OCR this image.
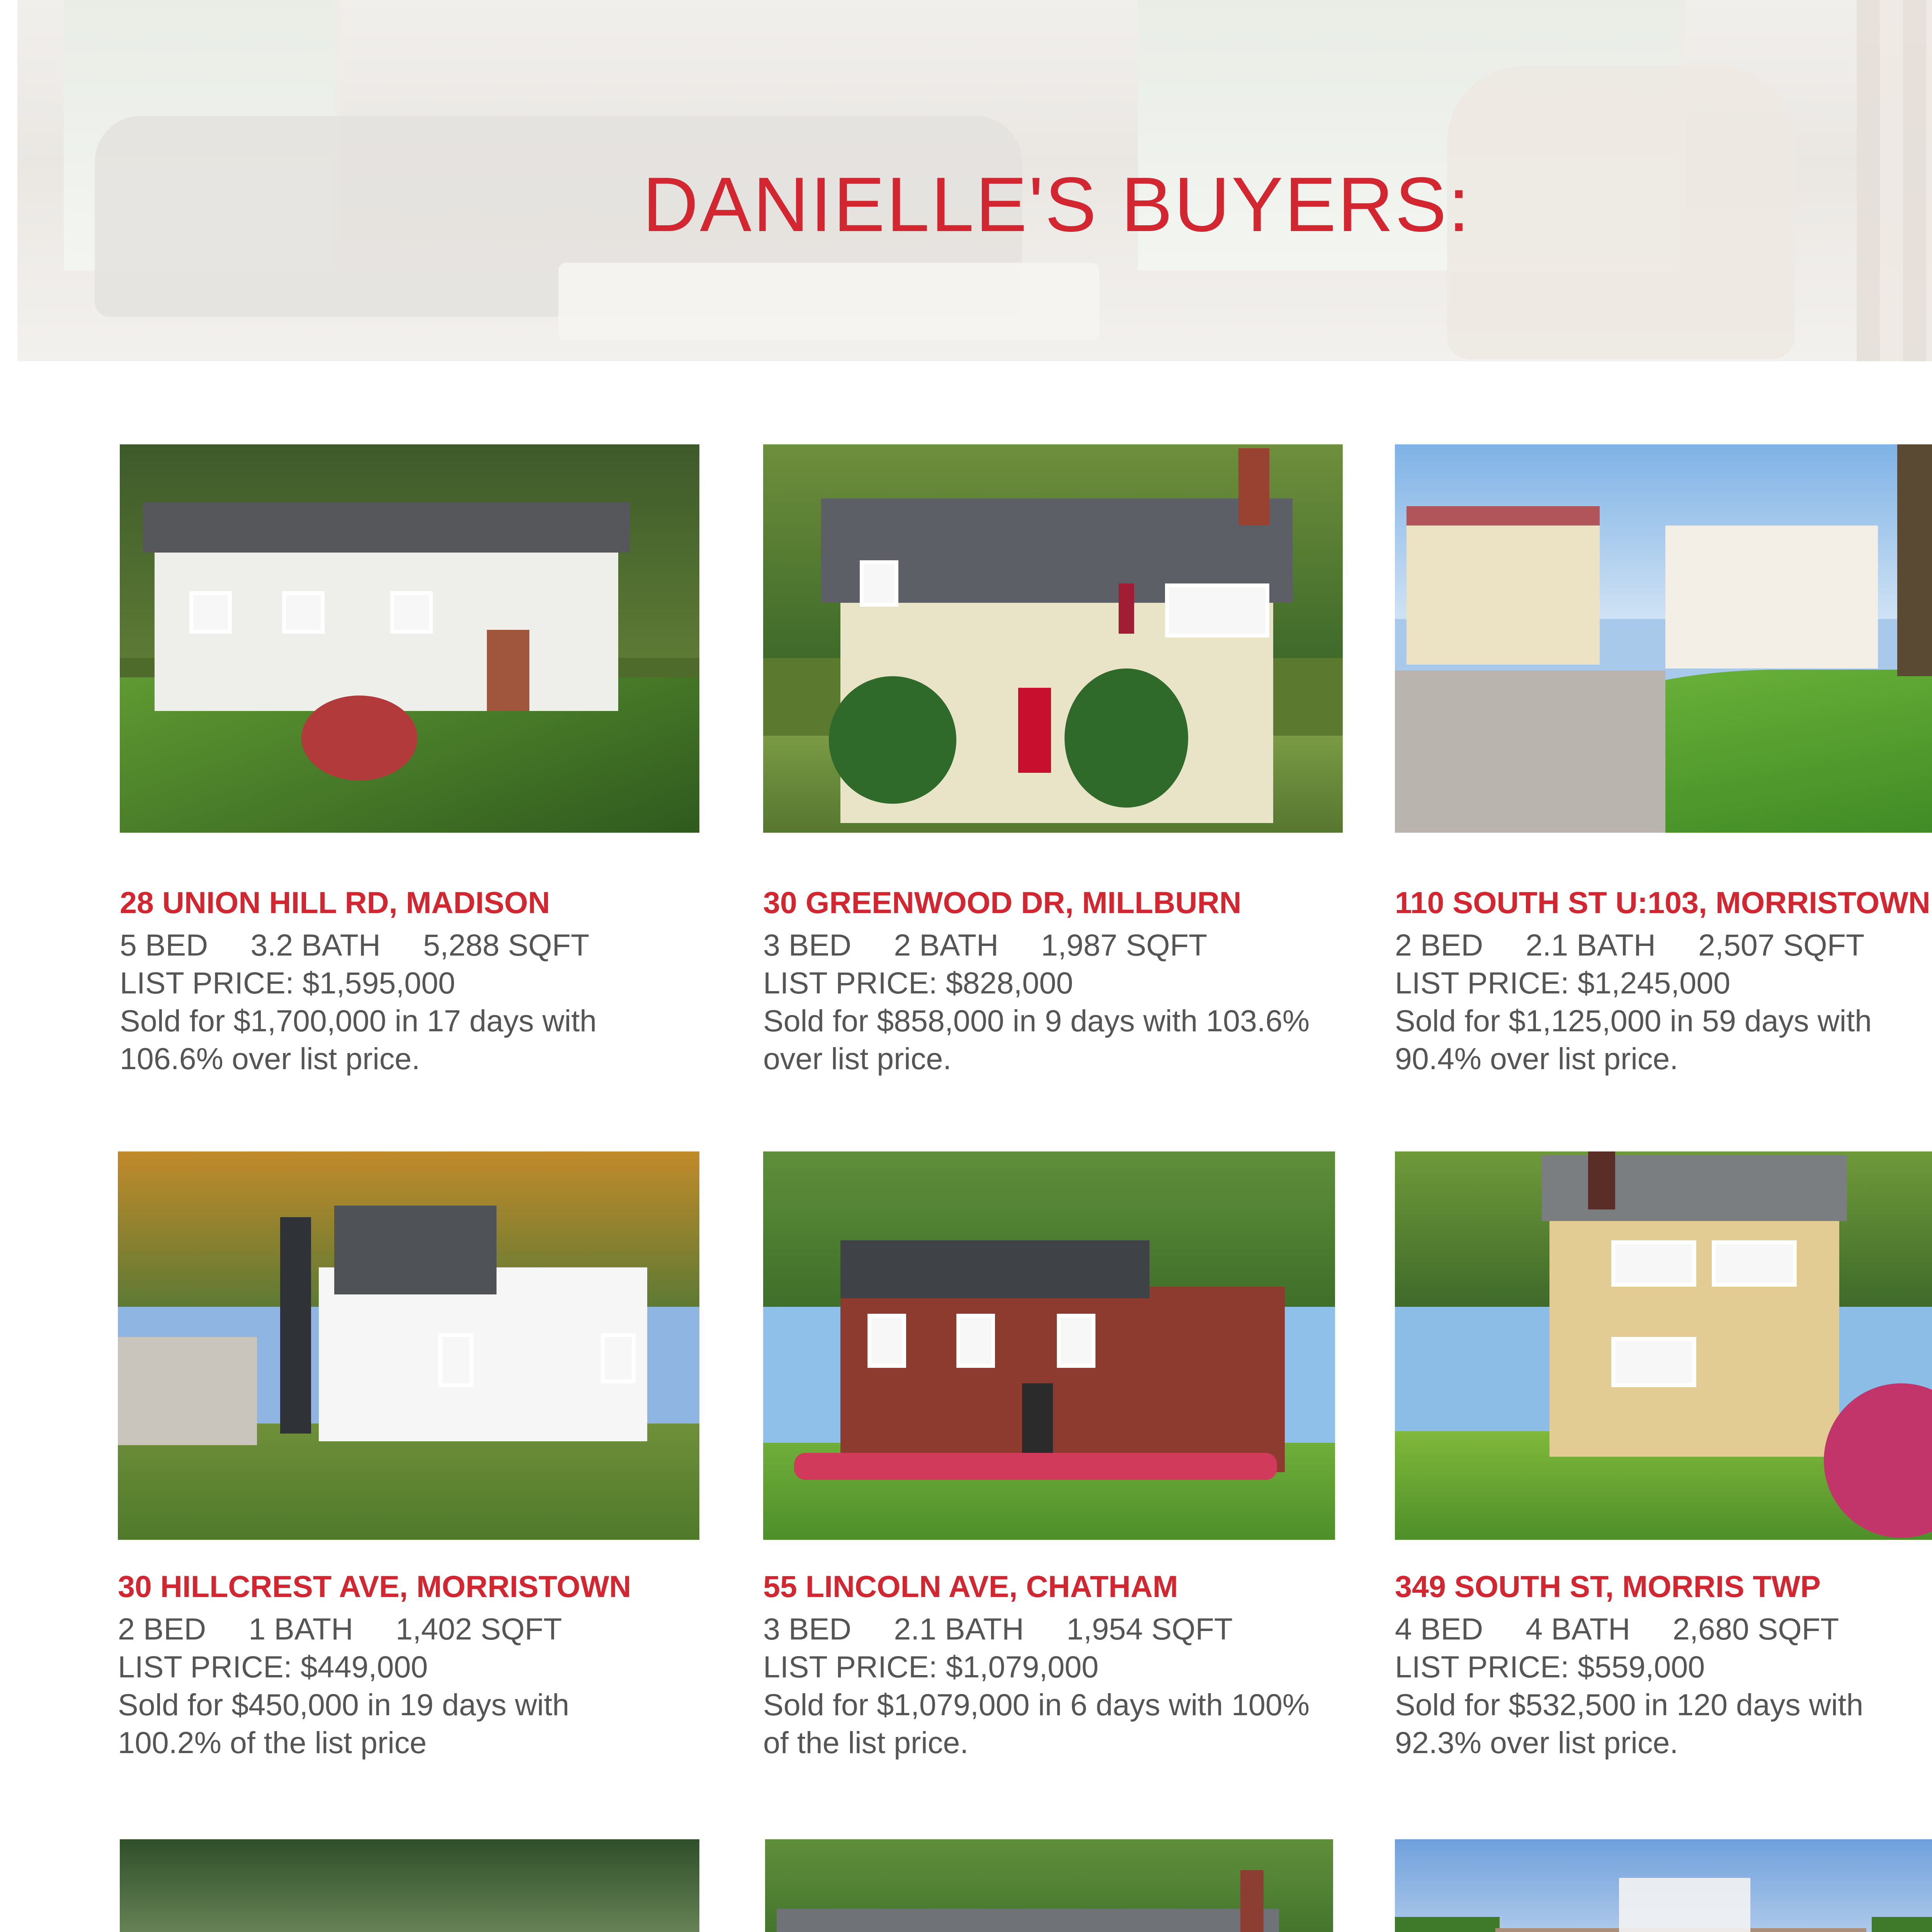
DANIELLE'S BUYERS:

28 UNION HILL RD, MADISON

5 BED 3.2 BATH 5,288 SQFT
LIST PRICE: $1,595,000
Sold for $1,700,000 in 17 days with
106.6% over list price.

30 GREENWOOD DR, MILLBURN

3 BED 2 BATH 1,987 SQFT
LIST PRICE: $828,000
Sold for $858,000 in 9 days with 103.6%
over list price.

110 SOUTH ST U:103, MORRISTOWN

2 BED 2.1 BATH 2,507 SQFT
LIST PRICE: $1,245,000
Sold for $1,125,000 in 59 days with
90.4% over list price.

30 HILLCREST AVE, MORRISTOWN

2 BED 1 BATH 1,402 SQFT
LIST PRICE: $449,000
Sold for $450,000 in 19 days with
100.2% of the list price

55 LINCOLN AVE, CHATHAM

3 BED 2.1 BATH 1,954 SQFT
LIST PRICE: $1,079,000
Sold for $1,079,000 in 6 days with 100%
of the list price.

349 SOUTH ST, MORRIS TWP

4 BED 4 BATH 2,680 SQFT
LIST PRICE: $559,000
Sold for $532,500 in 120 days with
92.3% over list price.
